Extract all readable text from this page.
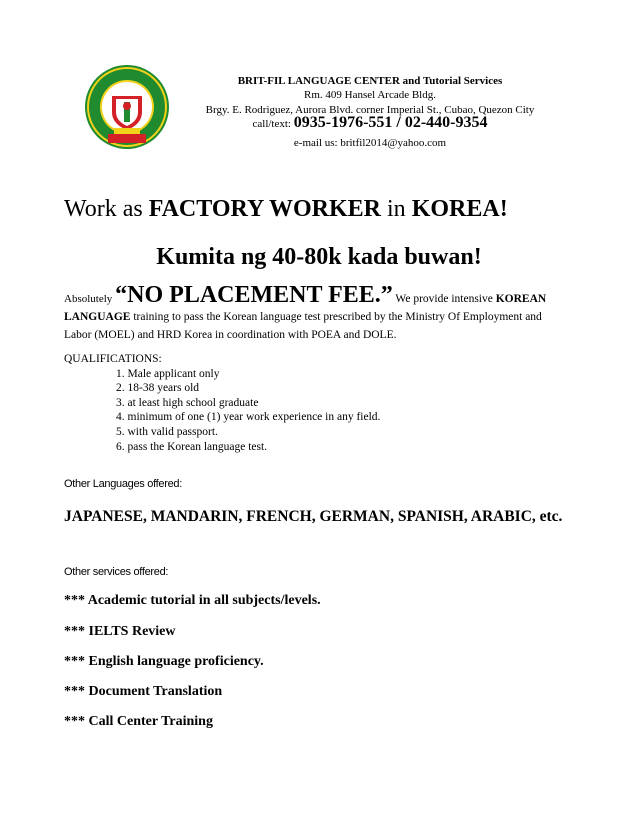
BRIT-FIL LANGUAGE CENTER and Tutorial Services
Rm. 409 Hansel Arcade Bldg.
Brgy. E. Rodriguez, Aurora Blvd. corner Imperial St., Cubao, Quezon City
call/text: 0935-1976-551 / 02-440-9354
e-mail us: britfil2014@yahoo.com
Work as FACTORY WORKER in KOREA!
Kumita ng 40-80k kada buwan!
Absolutely “NO PLACEMENT FEE.” We provide intensive KOREAN LANGUAGE training to pass the Korean language test prescribed by the Ministry Of Employment and Labor (MOEL) and HRD Korea in coordination with POEA and DOLE.
QUALIFICATIONS:
1. Male applicant only
2. 18-38 years old
3. at least high school graduate
4. minimum of one (1) year work experience in any field.
5. with valid passport.
6. pass the Korean language test.
Other Languages offered:
JAPANESE, MANDARIN, FRENCH, GERMAN, SPANISH, ARABIC, etc.
Other services offered:
*** Academic tutorial in all subjects/levels.
*** IELTS Review
*** English language proficiency.
*** Document Translation
*** Call Center Training
